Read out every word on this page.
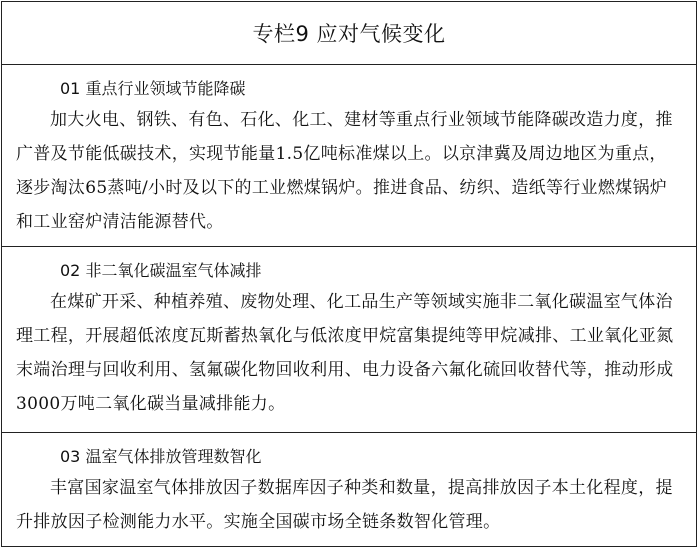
专栏9 应对气候变化
01 重点行业领域节能降碳
加大火电、钢铁、有色、石化、化工、建材等重点行业领域节能降碳改造力度，推广普及节能低碳技术，实现节能量1.5亿吨标准煤以上。以京津冀及周边地区为重点，逐步淘汰65蒸吨/小时及以下的工业燃煤锅炉。推进食品、纺织、造纸等行业燃煤锅炉和工业窑炉清洁能源替代。
02 非二氧化碳温室气体减排
在煤矿开采、种植养殖、废物处理、化工品生产等领域实施非二氧化碳温室气体治理工程，开展超低浓度瓦斯蓄热氧化与低浓度甲烷富集提纯等甲烷减排、工业氧化亚氮末端治理与回收利用、氢氟碳化物回收利用、电力设备六氟化硫回收替代等，推动形成3000万吨二氧化碳当量减排能力。
03 温室气体排放管理数智化
丰富国家温室气体排放因子数据库因子种类和数量，提高排放因子本土化程度，提升排放因子检测能力水平。实施全国碳市场全链条数智化管理。
